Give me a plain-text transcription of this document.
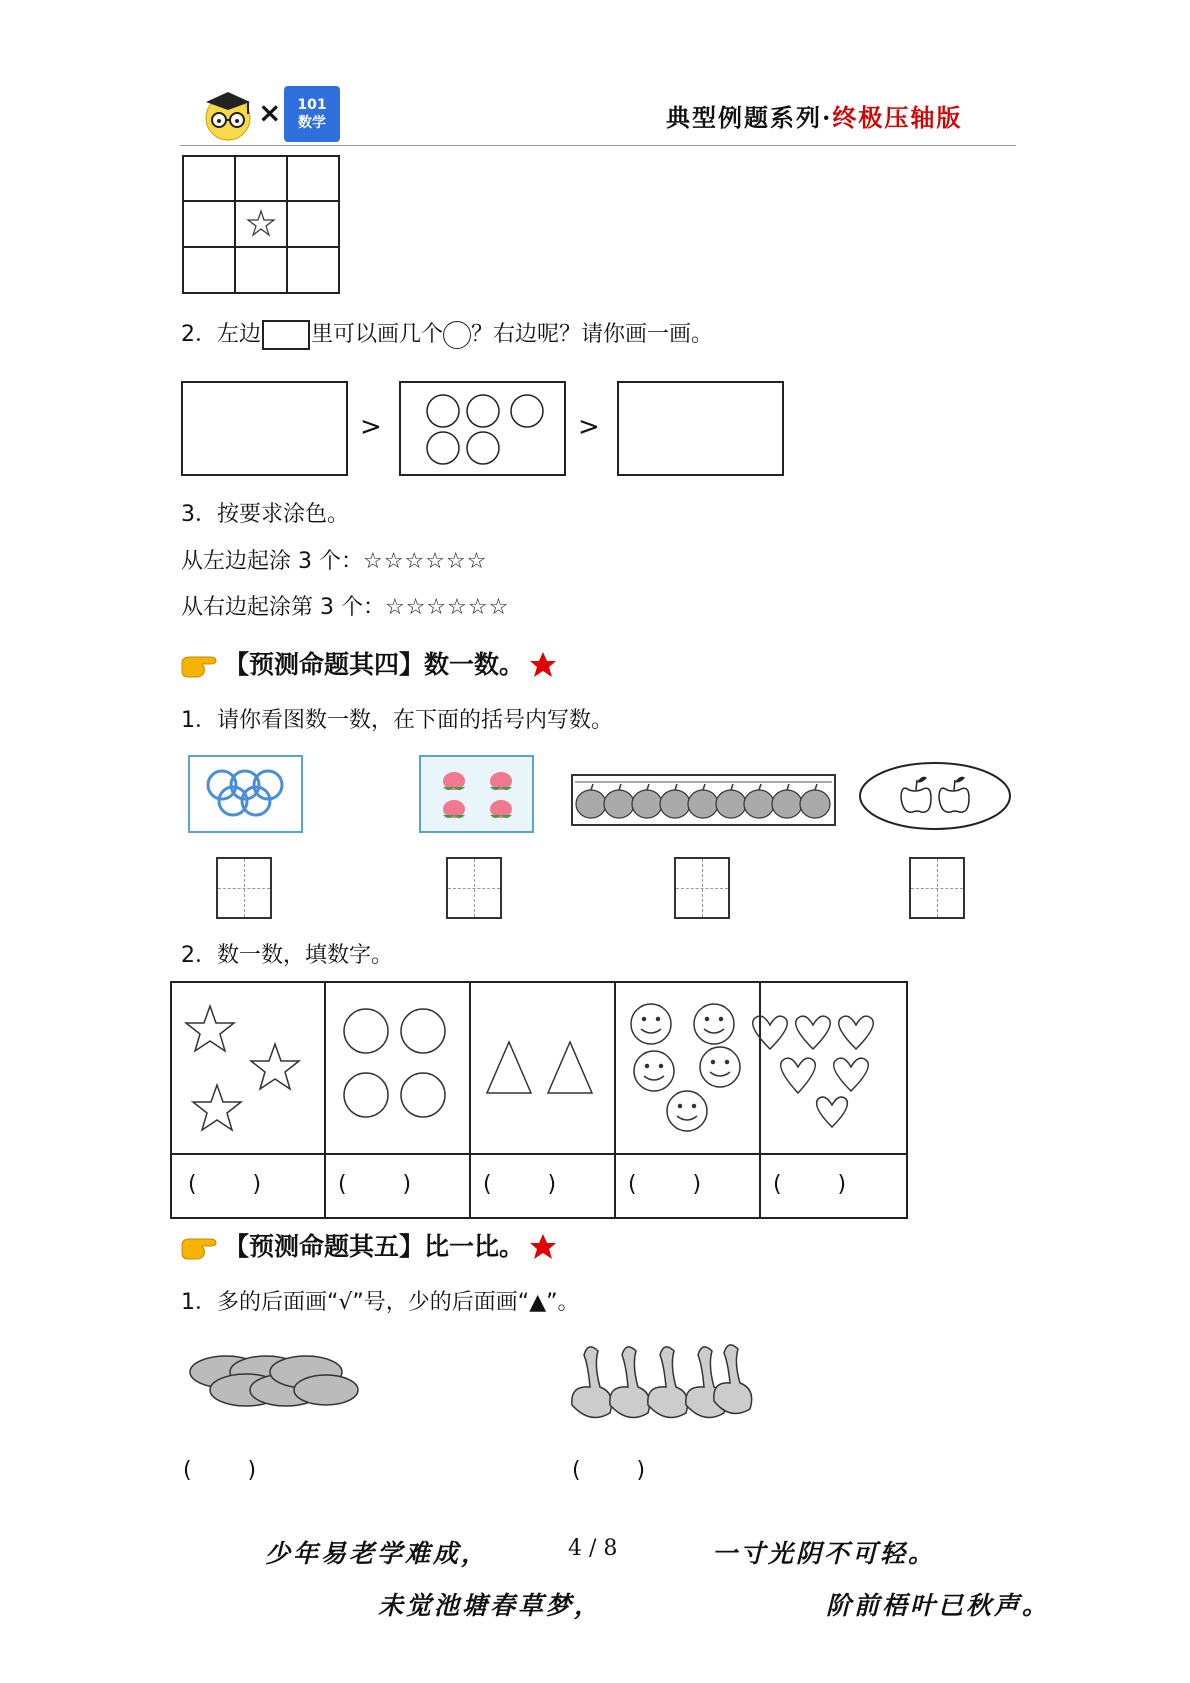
×	101 数学	典型例题系列·终极压轴版
2．左边 里可以画几个 ？右边呢？请你画一画。
>	>
3．按要求涂色。
从左边起涂 3 个：☆☆☆☆☆☆
从右边起涂第 3 个：☆☆☆☆☆☆
【预测命题其四】数一数。
1．请你看图数一数，在下面的括号内写数。
2．数一数，填数字。
(        )	(        )	(        )	(        )	(        )
【预测命题其五】比一比。
1．多的后面画“√”号，少的后面画“▲”。
(        )	(        )
少年易老学难成，	4 / 8	一寸光阴不可轻。
未觉池塘春草梦，	阶前梧叶已秋声。
